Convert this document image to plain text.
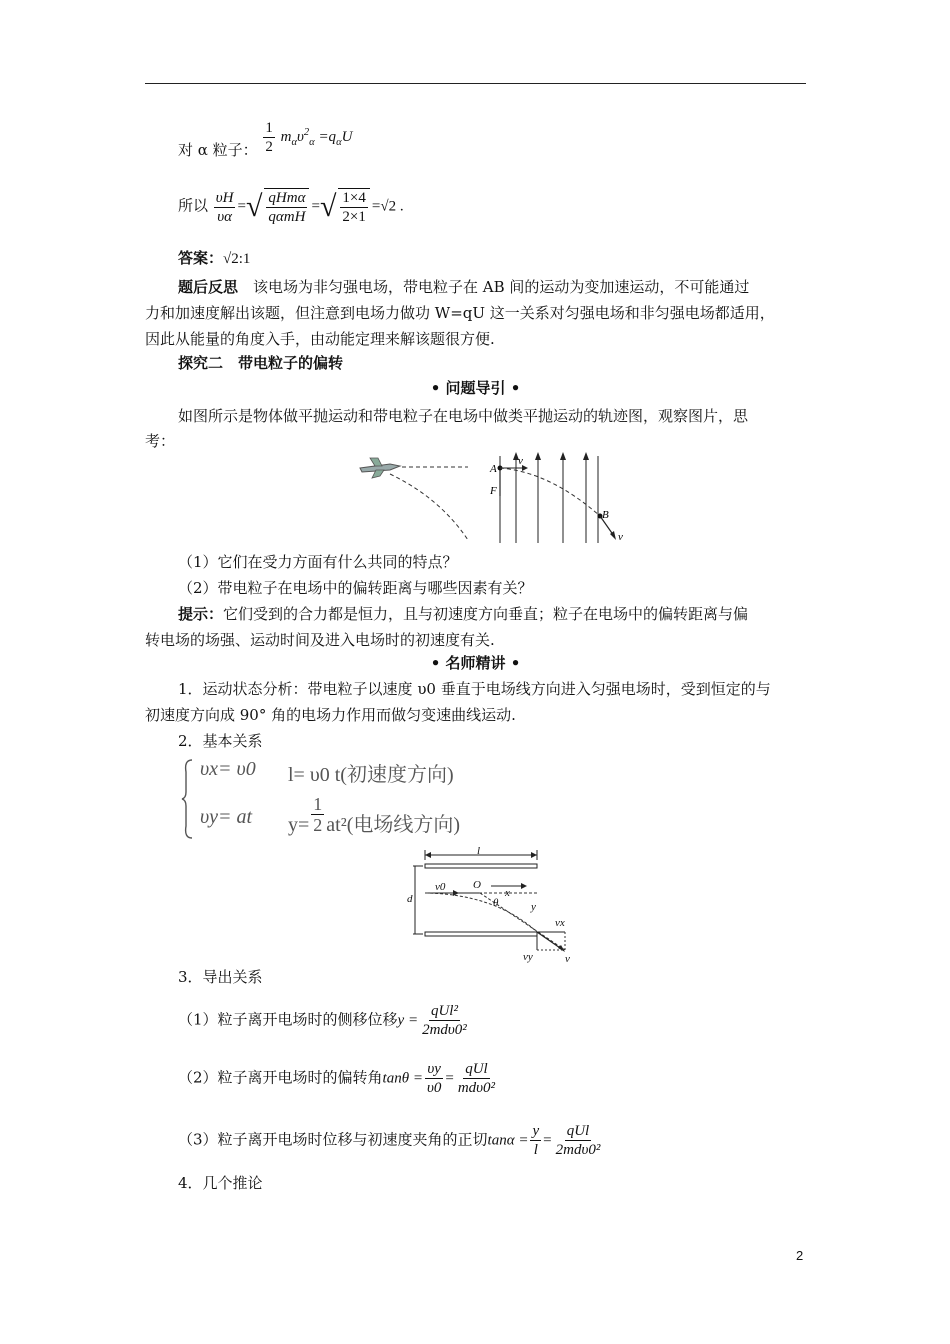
对 α 粒子： $\frac{1}{2} m_\alpha\upsilon^2_\alpha =q_\alpha U$
所以 $\frac{\upsilon H}{\upsilon\alpha}$ = √ $\frac{\text{qHmα}}{\text{qαmH}}$ = √ $\frac{1\times 4}{2\times 1} =√2$ .
答案：√2:1
题后反思　 该电场为非匀强电场，带电粒子在 AB 间的运动为变加速运动，不可能通过
力和加速度解出该题，但注意到电场力做功 W=qU 这一关系对匀强电场和非匀强电场都适用，
因此从能量的角度入手，由动能定理来解该题很方便.
探究二　带电粒子的偏转
• 问题导引 •
如图所示是物体做平抛运动和带电粒子在电场中做类平抛运动的轨迹图，观察图片，思
考：
A
F
v
B
v
（1）它们在受力方面有什么共同的特点？
（2）带电粒子在电场中的偏转距离与哪些因素有关？
提示：它们受到的合力都是恒力，且与初速度方向垂直；粒子在电场中的偏转距离与偏
转电场的场强、运动时间及进入电场时的初速度有关.
• 名师精讲 •
1．运动状态分析：带电粒子以速度 υ0 垂直于电场线方向进入匀强电场时，受到恒定的与
初速度方向成 90° 角的电场力作用而做匀变速曲线运动.
2．基本关系
υx= υ0 l= υ0 t(初速度方向)
υy= at $y= \frac{1}{2} at^2$(电场线方向)
l
d
v0	O
x
θ	y
vx
vy	v
3．导出关系
（1）粒子离开电场时的侧移位移$y = \frac{\text{qUl²}}{\text{2mdυ0²}}$
（2）粒子离开电场时的偏转角$\tan\theta = \frac{\upsilon y}{\upsilon 0} = \frac{\text{qUl}}{\text{mdυ0²}}$
（3）粒子离开电场时位移与初速度夹角的正切$\tan\alpha = \frac{y}{l} = \frac{\text{qUl}}{\text{2mdυ0²}}$
4．几个推论
2
